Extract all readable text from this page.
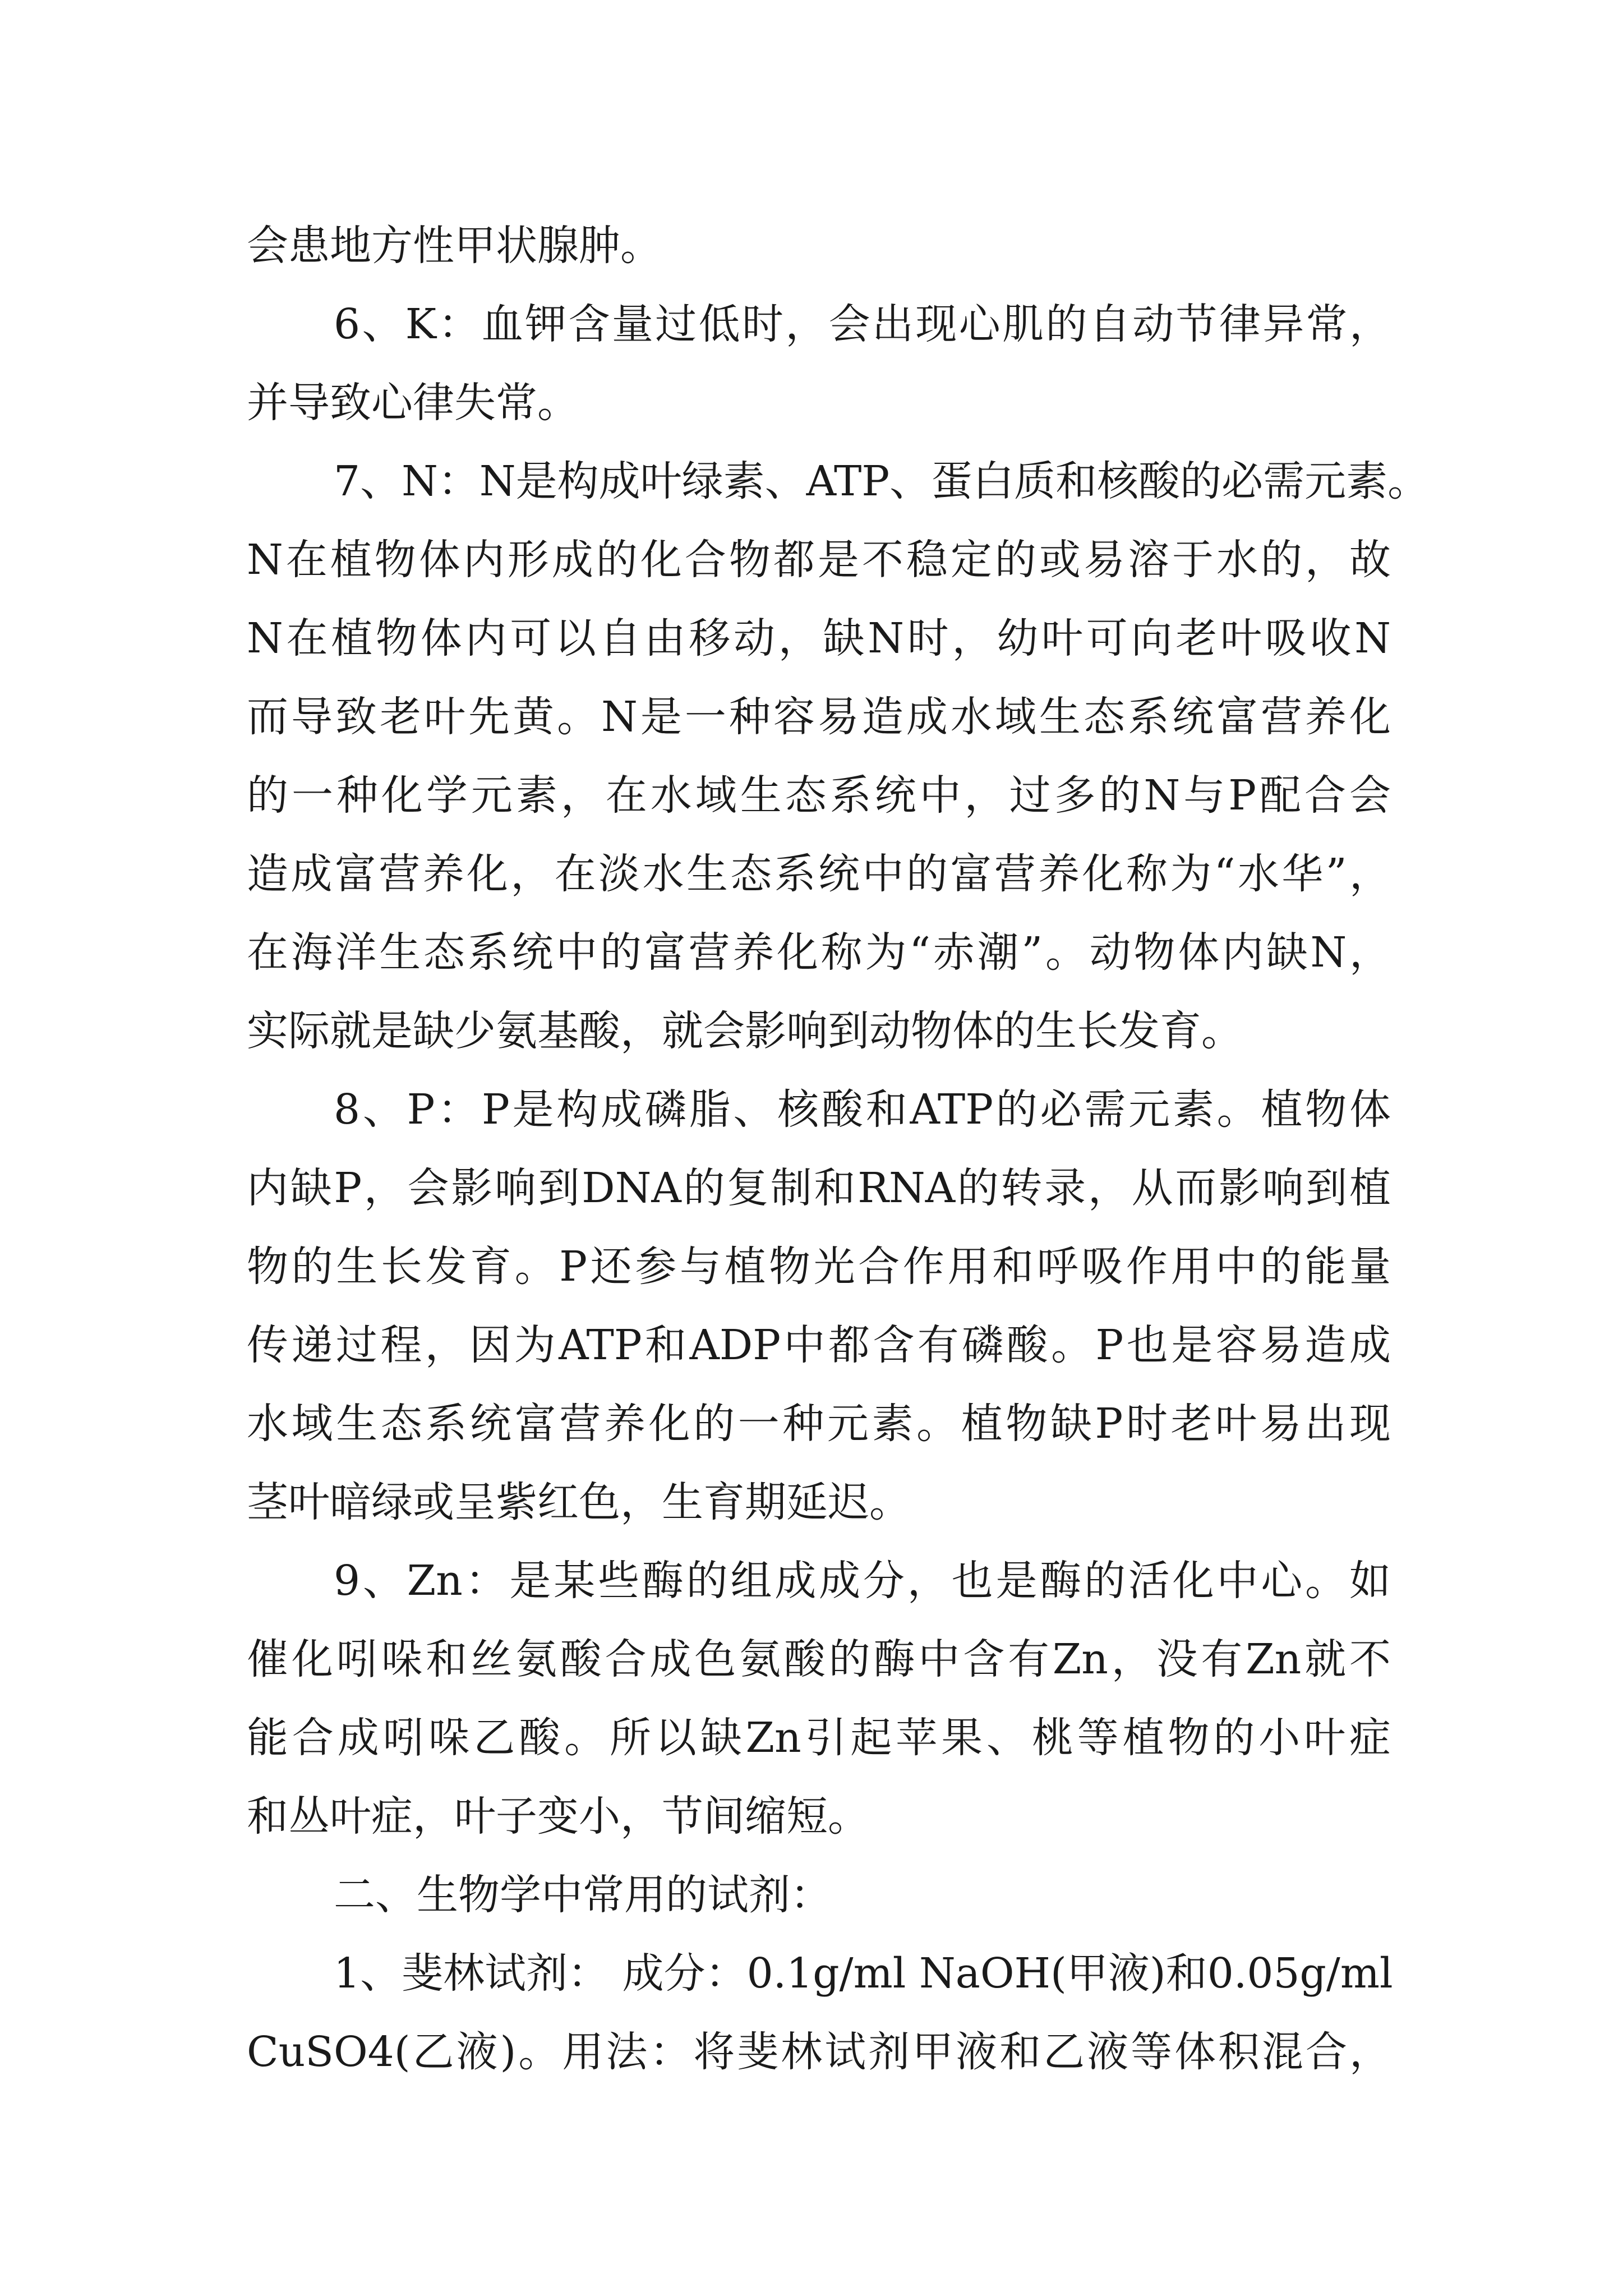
会患地方性甲状腺肿。
6、K：血钾含量过低时，会出现心肌的自动节律异常，
并导致心律失常。
7、N：N是构成叶绿素、ATP、蛋白质和核酸的必需元素。
N在植物体内形成的化合物都是不稳定的或易溶于水的，故
N在植物体内可以自由移动，缺N时，幼叶可向老叶吸收N
而导致老叶先黄。N是一种容易造成水域生态系统富营养化
的一种化学元素，在水域生态系统中，过多的N与P配合会
造成富营养化，在淡水生态系统中的富营养化称为“水华”，
在海洋生态系统中的富营养化称为“赤潮”。动物体内缺N，
实际就是缺少氨基酸，就会影响到动物体的生长发育。
8、P：P是构成磷脂、核酸和ATP的必需元素。植物体
内缺P，会影响到DNA的复制和RNA的转录，从而影响到植
物的生长发育。P还参与植物光合作用和呼吸作用中的能量
传递过程，因为ATP和ADP中都含有磷酸。P也是容易造成
水域生态系统富营养化的一种元素。植物缺P时老叶易出现
茎叶暗绿或呈紫红色，生育期延迟。
9、Zn：是某些酶的组成成分，也是酶的活化中心。如
催化吲哚和丝氨酸合成色氨酸的酶中含有Zn，没有Zn就不
能合成吲哚乙酸。所以缺Zn引起苹果、桃等植物的小叶症
和丛叶症，叶子变小，节间缩短。
二、生物学中常用的试剂：
1、斐林试剂： 成分：0.1g/ml NaOH(甲液)和0.05g/ml
CuSO4(乙液)。用法：将斐林试剂甲液和乙液等体积混合，
